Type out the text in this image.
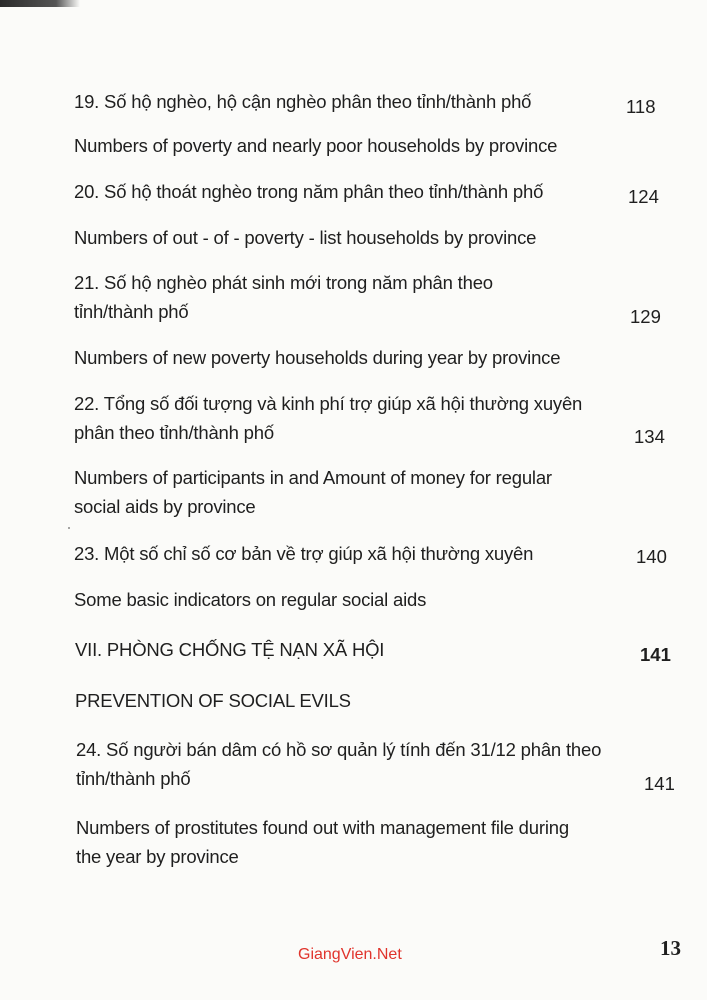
19. Số hộ nghèo, hộ cận nghèo phân theo tỉnh/thành phố	118
Numbers of poverty and nearly poor households by province
20. Số hộ thoát nghèo trong năm phân theo tỉnh/thành phố	124
Numbers of out - of - poverty - list households by province
21. Số hộ nghèo phát sinh mới trong năm phân theo
tỉnh/thành phố	129
Numbers of new poverty households during year by province
22. Tổng số đối tượng và kinh phí trợ giúp xã hội thường xuyên
phân theo tỉnh/thành phố	134
Numbers of participants in and Amount of money for regular
social aids by province
23. Một số chỉ số cơ bản về trợ giúp xã hội thường xuyên	140
Some basic indicators on regular social aids
VII. PHÒNG CHỐNG TỆ NẠN XÃ HỘI	141
PREVENTION OF SOCIAL EVILS
24. Số người bán dâm có hồ sơ quản lý tính đến 31/12 phân theo
tỉnh/thành phố	141
Numbers of prostitutes found out with management file during
the year by province
GiangVien.Net	13
